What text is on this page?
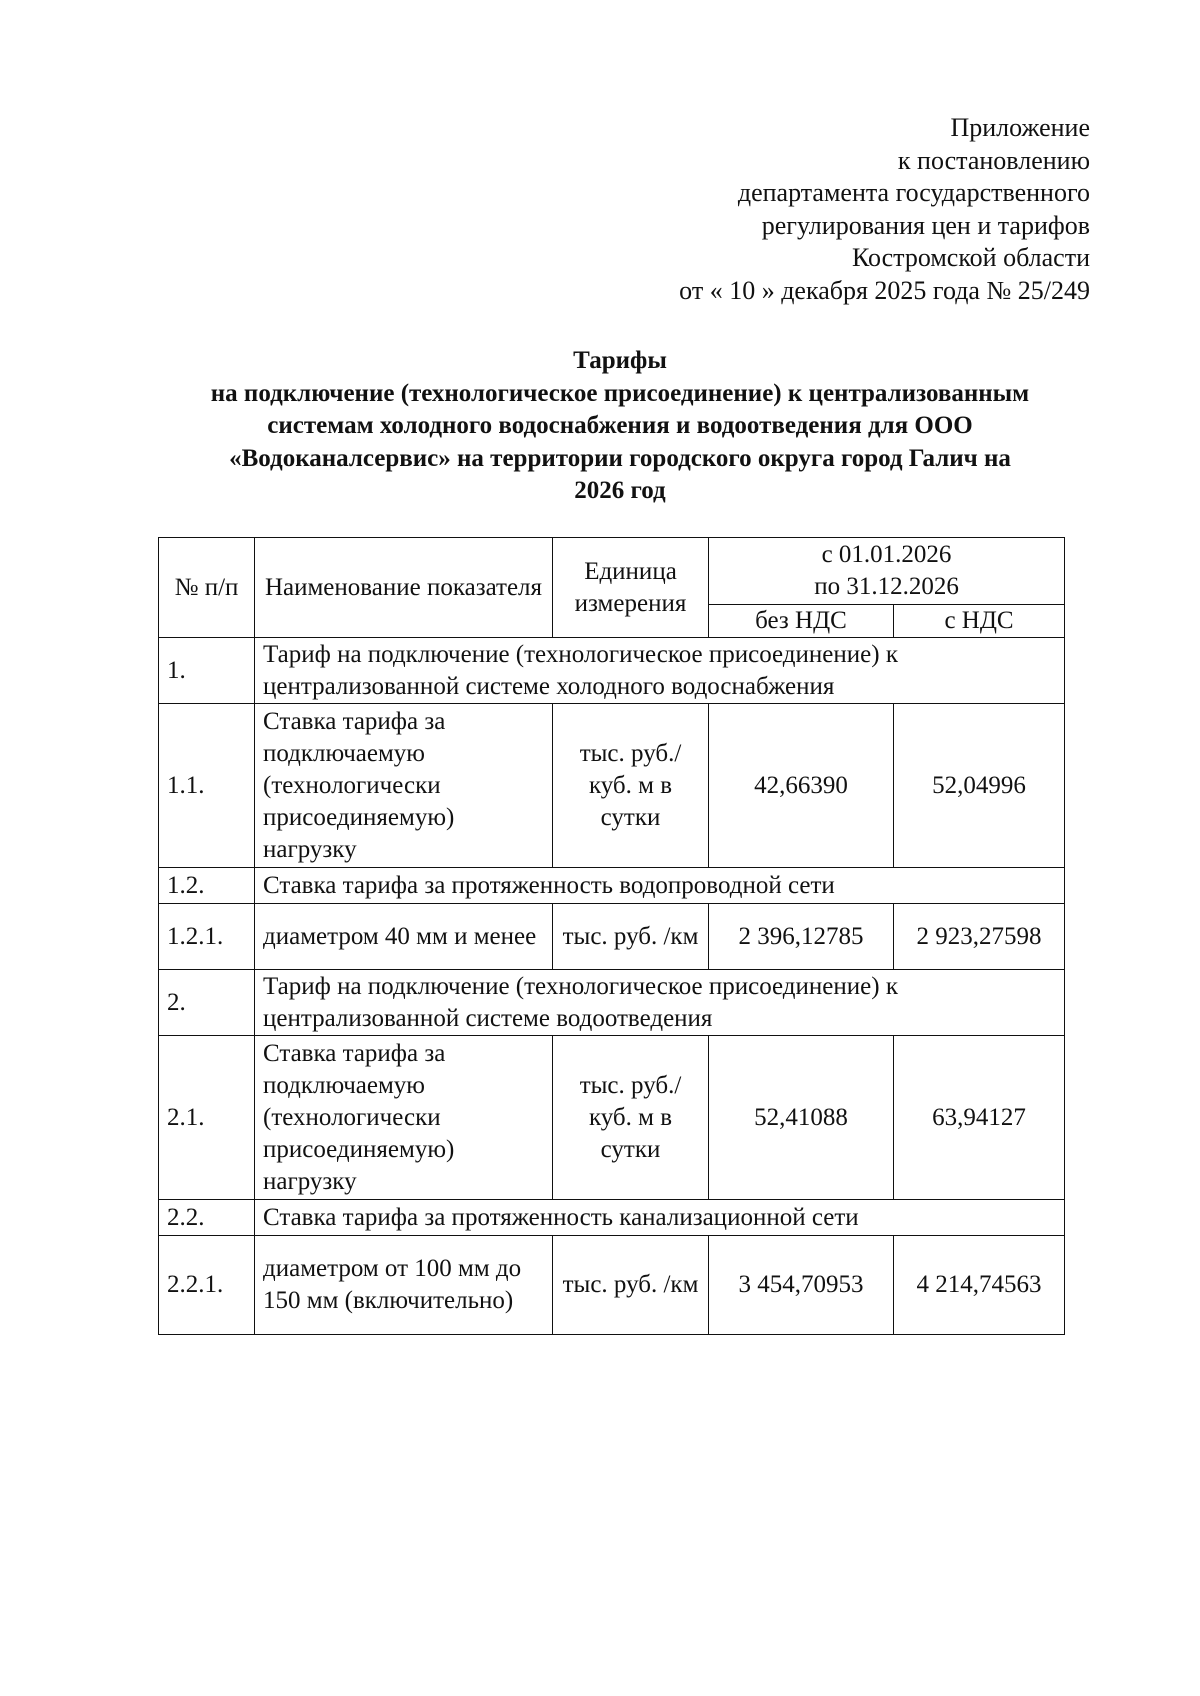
Приложение
к постановлению
департамента государственного
регулирования цен и тарифов
Костромской области
от « 10 » декабря 2025 года № 25/249
Тарифы
на подключение (технологическое присоединение) к централизованным
системам холодного водоснабжения и водоотведения для ООО
«Водоканалсервис» на территории городского округа город Галич на
2026 год
№ п/п	Наименование показателя	Единица измерения	с 01.01.2026
по 31.12.2026	

			без НДС	с НДС
1.	Тариф на подключение (технологическое присоединение) к централизованной системе холодного водоснабжения			
1.1.	Ставка тарифа за подключаемую (технологически присоединяемую) нагрузку	тыс. руб./ куб. м в сутки	42,66390	52,04996
1.2.	Ставка тарифа за протяженность водопроводной сети			
1.2.1.	диаметром 40 мм и менее	тыс. руб. /км	2 396,12785	2 923,27598
2.	Тариф на подключение (технологическое присоединение) к централизованной системе водоотведения			
2.1.	Ставка тарифа за подключаемую (технологически присоединяемую) нагрузку	тыс. руб./ куб. м в сутки	52,41088	63,94127
2.2.	Ставка тарифа за протяженность канализационной сети			
2.2.1.	диаметром от 100 мм до 150 мм (включительно)	тыс. руб. /км	3 454,70953	4 214,74563
